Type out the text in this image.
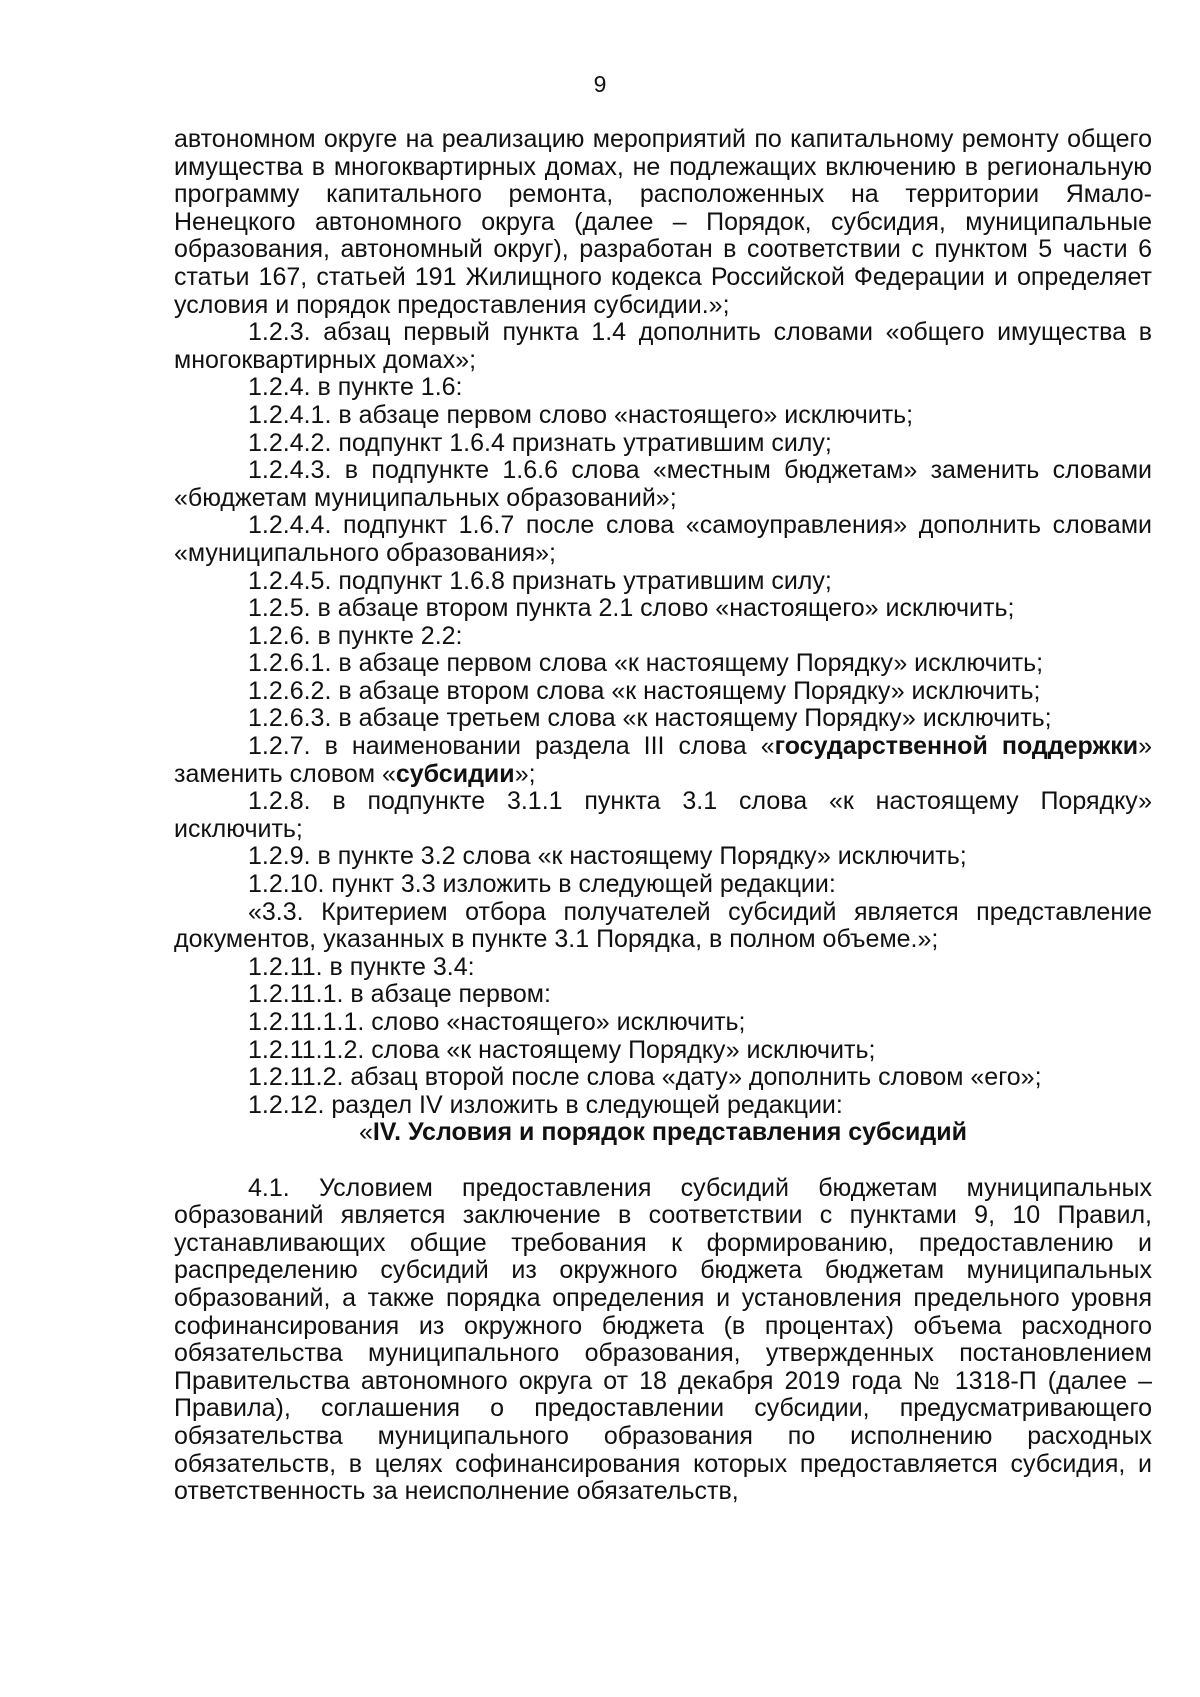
9

автономном округе на реализацию мероприятий по капитальному ремонту общего имущества в многоквартирных домах, не подлежащих включению в региональную программу капитального ремонта, расположенных на территории Ямало-Ненецкого автономного округа (далее – Порядок, субсидия, муниципальные образования, автономный округ), разработан в соответствии с пунктом 5 части 6 статьи 167, статьей 191 Жилищного кодекса Российской Федерации и определяет условия и порядок предоставления субсидии.»;

1.2.3. абзац первый пункта 1.4 дополнить словами «общего имущества в многоквартирных домах»;

1.2.4. в пункте 1.6:

1.2.4.1. в абзаце первом слово «настоящего» исключить;

1.2.4.2. подпункт 1.6.4 признать утратившим силу;

1.2.4.3. в подпункте 1.6.6 слова «местным бюджетам» заменить словами «бюджетам муниципальных образований»;

1.2.4.4. подпункт 1.6.7 после слова «самоуправления» дополнить словами «муниципального образования»;

1.2.4.5. подпункт 1.6.8 признать утратившим силу;

1.2.5. в абзаце втором пункта 2.1 слово «настоящего» исключить;

1.2.6. в пункте 2.2:

1.2.6.1. в абзаце первом слова «к настоящему Порядку» исключить;

1.2.6.2. в абзаце втором слова «к настоящему Порядку» исключить;

1.2.6.3. в абзаце третьем слова «к настоящему Порядку» исключить;

1.2.7. в наименовании раздела III слова «государственной поддержки» заменить словом «субсидии»;

1.2.8. в подпункте 3.1.1 пункта 3.1 слова «к настоящему Порядку» исключить;

1.2.9. в пункте 3.2 слова «к настоящему Порядку» исключить;

1.2.10. пункт 3.3 изложить в следующей редакции:

«3.3. Критерием отбора получателей субсидий является представление документов, указанных в пункте 3.1 Порядка, в полном объеме.»;

1.2.11. в пункте 3.4:

1.2.11.1. в абзаце первом:

1.2.11.1.1. слово «настоящего» исключить;

1.2.11.1.2. слова «к настоящему Порядку» исключить;

1.2.11.2. абзац второй после слова «дату» дополнить словом «его»;

1.2.12. раздел IV изложить в следующей редакции:

«IV. Условия и порядок представления субсидий

4.1. Условием предоставления субсидий бюджетам муниципальных образований является заключение в соответствии с пунктами 9, 10 Правил, устанавливающих общие требования к формированию, предоставлению и распределению субсидий из окружного бюджета бюджетам муниципальных образований, а также порядка определения и установления предельного уровня софинансирования из окружного бюджета (в процентах) объема расходного обязательства муниципального образования, утвержденных постановлением Правительства автономного округа от 18 декабря 2019 года № 1318-П (далее – Правила), соглашения о предоставлении субсидии, предусматривающего обязательства муниципального образования по исполнению расходных обязательств, в целях софинансирования которых предоставляется субсидия, и ответственность за неисполнение обязательств,
